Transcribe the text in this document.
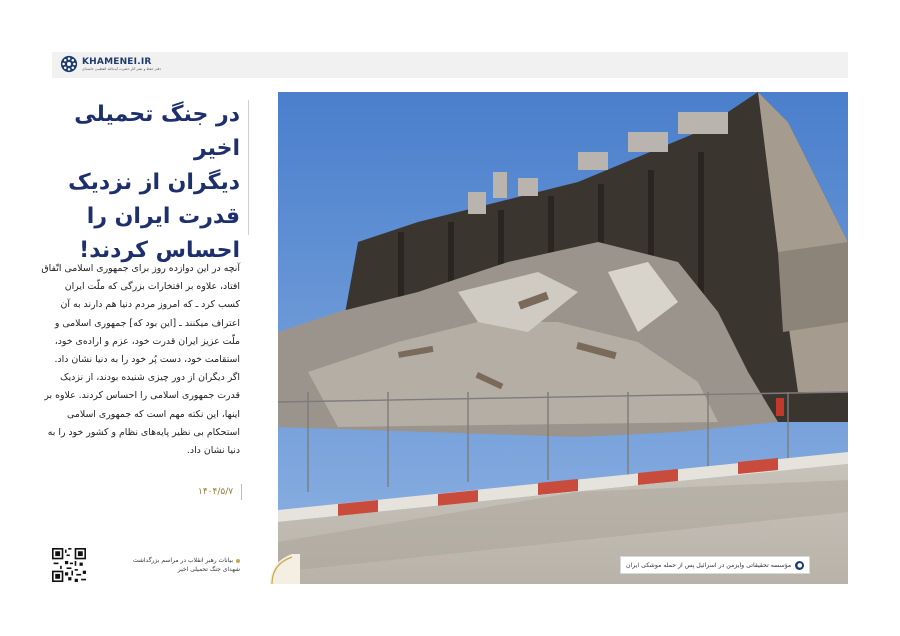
KHAMENEI.IR
دفتر حفظ و نشر آثار حضرت آیت‌الله العظمی خامنه‌ای
●
مؤسسه تحقیقاتی وایزمن در اسرائیل پس از حمله موشکی ایران
در جنگ تحمیلی اخیر
دیگران از نزدیک
قدرت ایران را
احساس کردند!
آنچه در این دوازده روز برای جمهوری اسلامی اتّفاق افتاد، علاوه بر افتخارات بزرگی که ملّت ایران کسب کرد ـ که امروز مردم دنیا هم دارند به آن اعتراف میکنند ـ [این بود که] جمهوری اسلامی و ملّت عزیز ایران قدرت خود، عزم و اراده‌ی خود، استقامت خود، دست پُر خود را به دنیا نشان داد. اگر دیگران از دور چیزی شنیده بودند، از نزدیک قدرت جمهوری اسلامی را احساس کردند. علاوه‌ بر اینها، این نکته مهم است که جمهوری اسلامی استحکام بی نظیر پایه‌های نظام و کشور خود را به دنیا نشان داد.
۱۴۰۴/۵/۷
بیانات رهبر انقلاب در مراسم بزرگداشت
شهدای جنگ تحمیلی اخیر
